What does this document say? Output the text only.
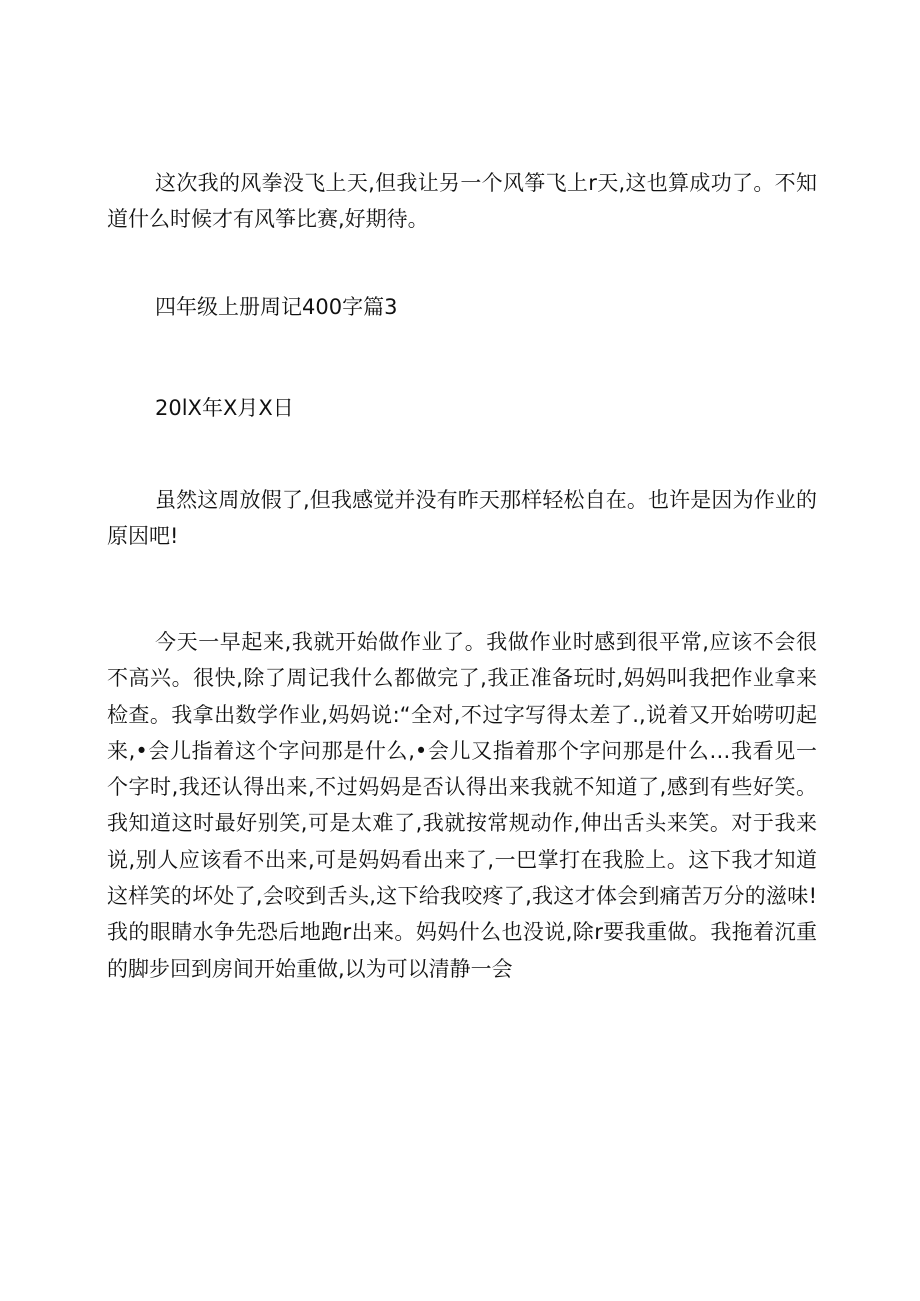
这次我的风拳没飞上天,但我让另一个风筝飞上r天,这也算成功了。不知道什么时候才有风筝比赛,好期待。

四年级上册周记400字篇3

20lX年X月X日

虽然这周放假了,但我感觉并没有昨天那样轻松自在。也许是因为作业的原因吧!

今天一早起来,我就开始做作业了。我做作业时感到很平常,应该不会很不高兴。很快,除了周记我什么都做完了,我正准备玩时,妈妈叫我把作业拿来检查。我拿出数学作业,妈妈说:“全对,不过字写得太差了.,说着又开始唠叨起来,•会儿指着这个字问那是什么,•会儿又指着那个字问那是什么…我看见一个字时,我还认得出来,不过妈妈是否认得出来我就不知道了,感到有些好笑。我知道这时最好别笑,可是太难了,我就按常规动作,伸出舌头来笑。对于我来说,别人应该看不出来,可是妈妈看出来了,一巴掌打在我脸上。这下我才知道这样笑的坏处了,会咬到舌头,这下给我咬疼了,我这才体会到痛苦万分的滋味!我的眼睛水争先恐后地跑r出来。妈妈什么也没说,除r要我重做。我拖着沉重的脚步回到房间开始重做,以为可以清静一会
